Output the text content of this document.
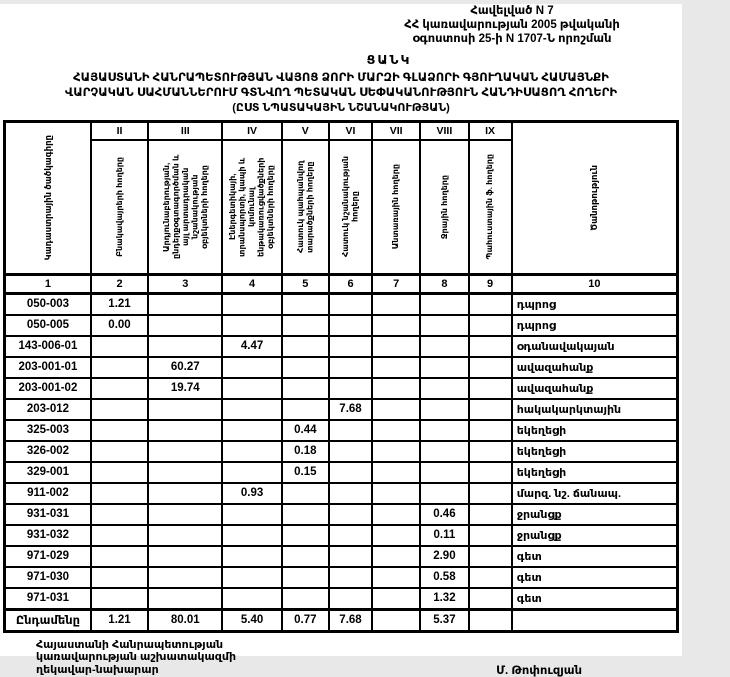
Հավելված N 7
ՀՀ կառավարության 2005 թվականի
օգոստոսի 25-ի N 1707-Ն որոշման
ՑԱՆԿ
ՀԱՅԱՍՏԱՆԻ ՀԱՆՐԱՊԵՏՈՒԹՅԱՆ ՎԱՅՈՑ ՁՈՐԻ ՄԱՐԶԻ ԳԼԱՁՈՐԻ ԳՅՈՒՂԱԿԱՆ ՀԱՄԱՅՆՔԻ
ՎԱՐՉԱԿԱՆ ՍԱՀՄԱՆՆԵՐՈՒՄ ԳՏՆՎՈՂ ՊԵՏԱԿԱՆ ՍԵՓԱԿԱՆՈՒԹՅՈՒՆ ՀԱՆԴԻՍԱՑՈՂ ՀՈՂԵՐԻ
(ԸՍՏ ՆՊԱՏԱԿԱՅԻՆ ՆՇԱՆԱԿՈՒԹՅԱՆ)
Կադաստրային ծածկագիրը	II	III	IV	V	VI	VII	VIII	IX	Ծանոթություն

	Բնակավայրերի հողերը	Արդյունաբերության, ընդերքօգտագործման և այլ արտադրական նշանակության օբյեկտների հողերը	Էներգետիկայի, տրանսպորտի, կապի և կոմունալ ենթակառուցվածքների օբյեկտների հողերը	Հատուկ պահպանվող տարածքների հողերը	Հատուկ նշանակության հողերը	Անտառային հողերը	Ջրային հողերը	Պահուստային ֆ. հողերը	

1	2	3	4	5	6	7	8	9	10
050-003	1.21								դպրոց
050-005	0.00								դպրոց
143-006-01			4.47						օդանավակայան
203-001-01		60.27							ավազահանք
203-001-02		19.74							ավազահանք
203-012					7.68				հակակարկտային
325-003				0.44					եկեղեցի
326-002				0.18					եկեղեցի
329-001				0.15					եկեղեցի
911-002			0.93						մարզ. նշ. ճանապ.
931-031							0.46		ջրանցք
931-032							0.11		ջրանցք
971-029							2.90		գետ
971-030							0.58		գետ
971-031							1.32		գետ
Ընդամենը	1.21	80.01	5.40	0.77	7.68		5.37		
Հայաստանի Հանրապետության
կառավարության աշխատակազմի
ղեկավար-նախարար	Մ. Թոփուզյան
